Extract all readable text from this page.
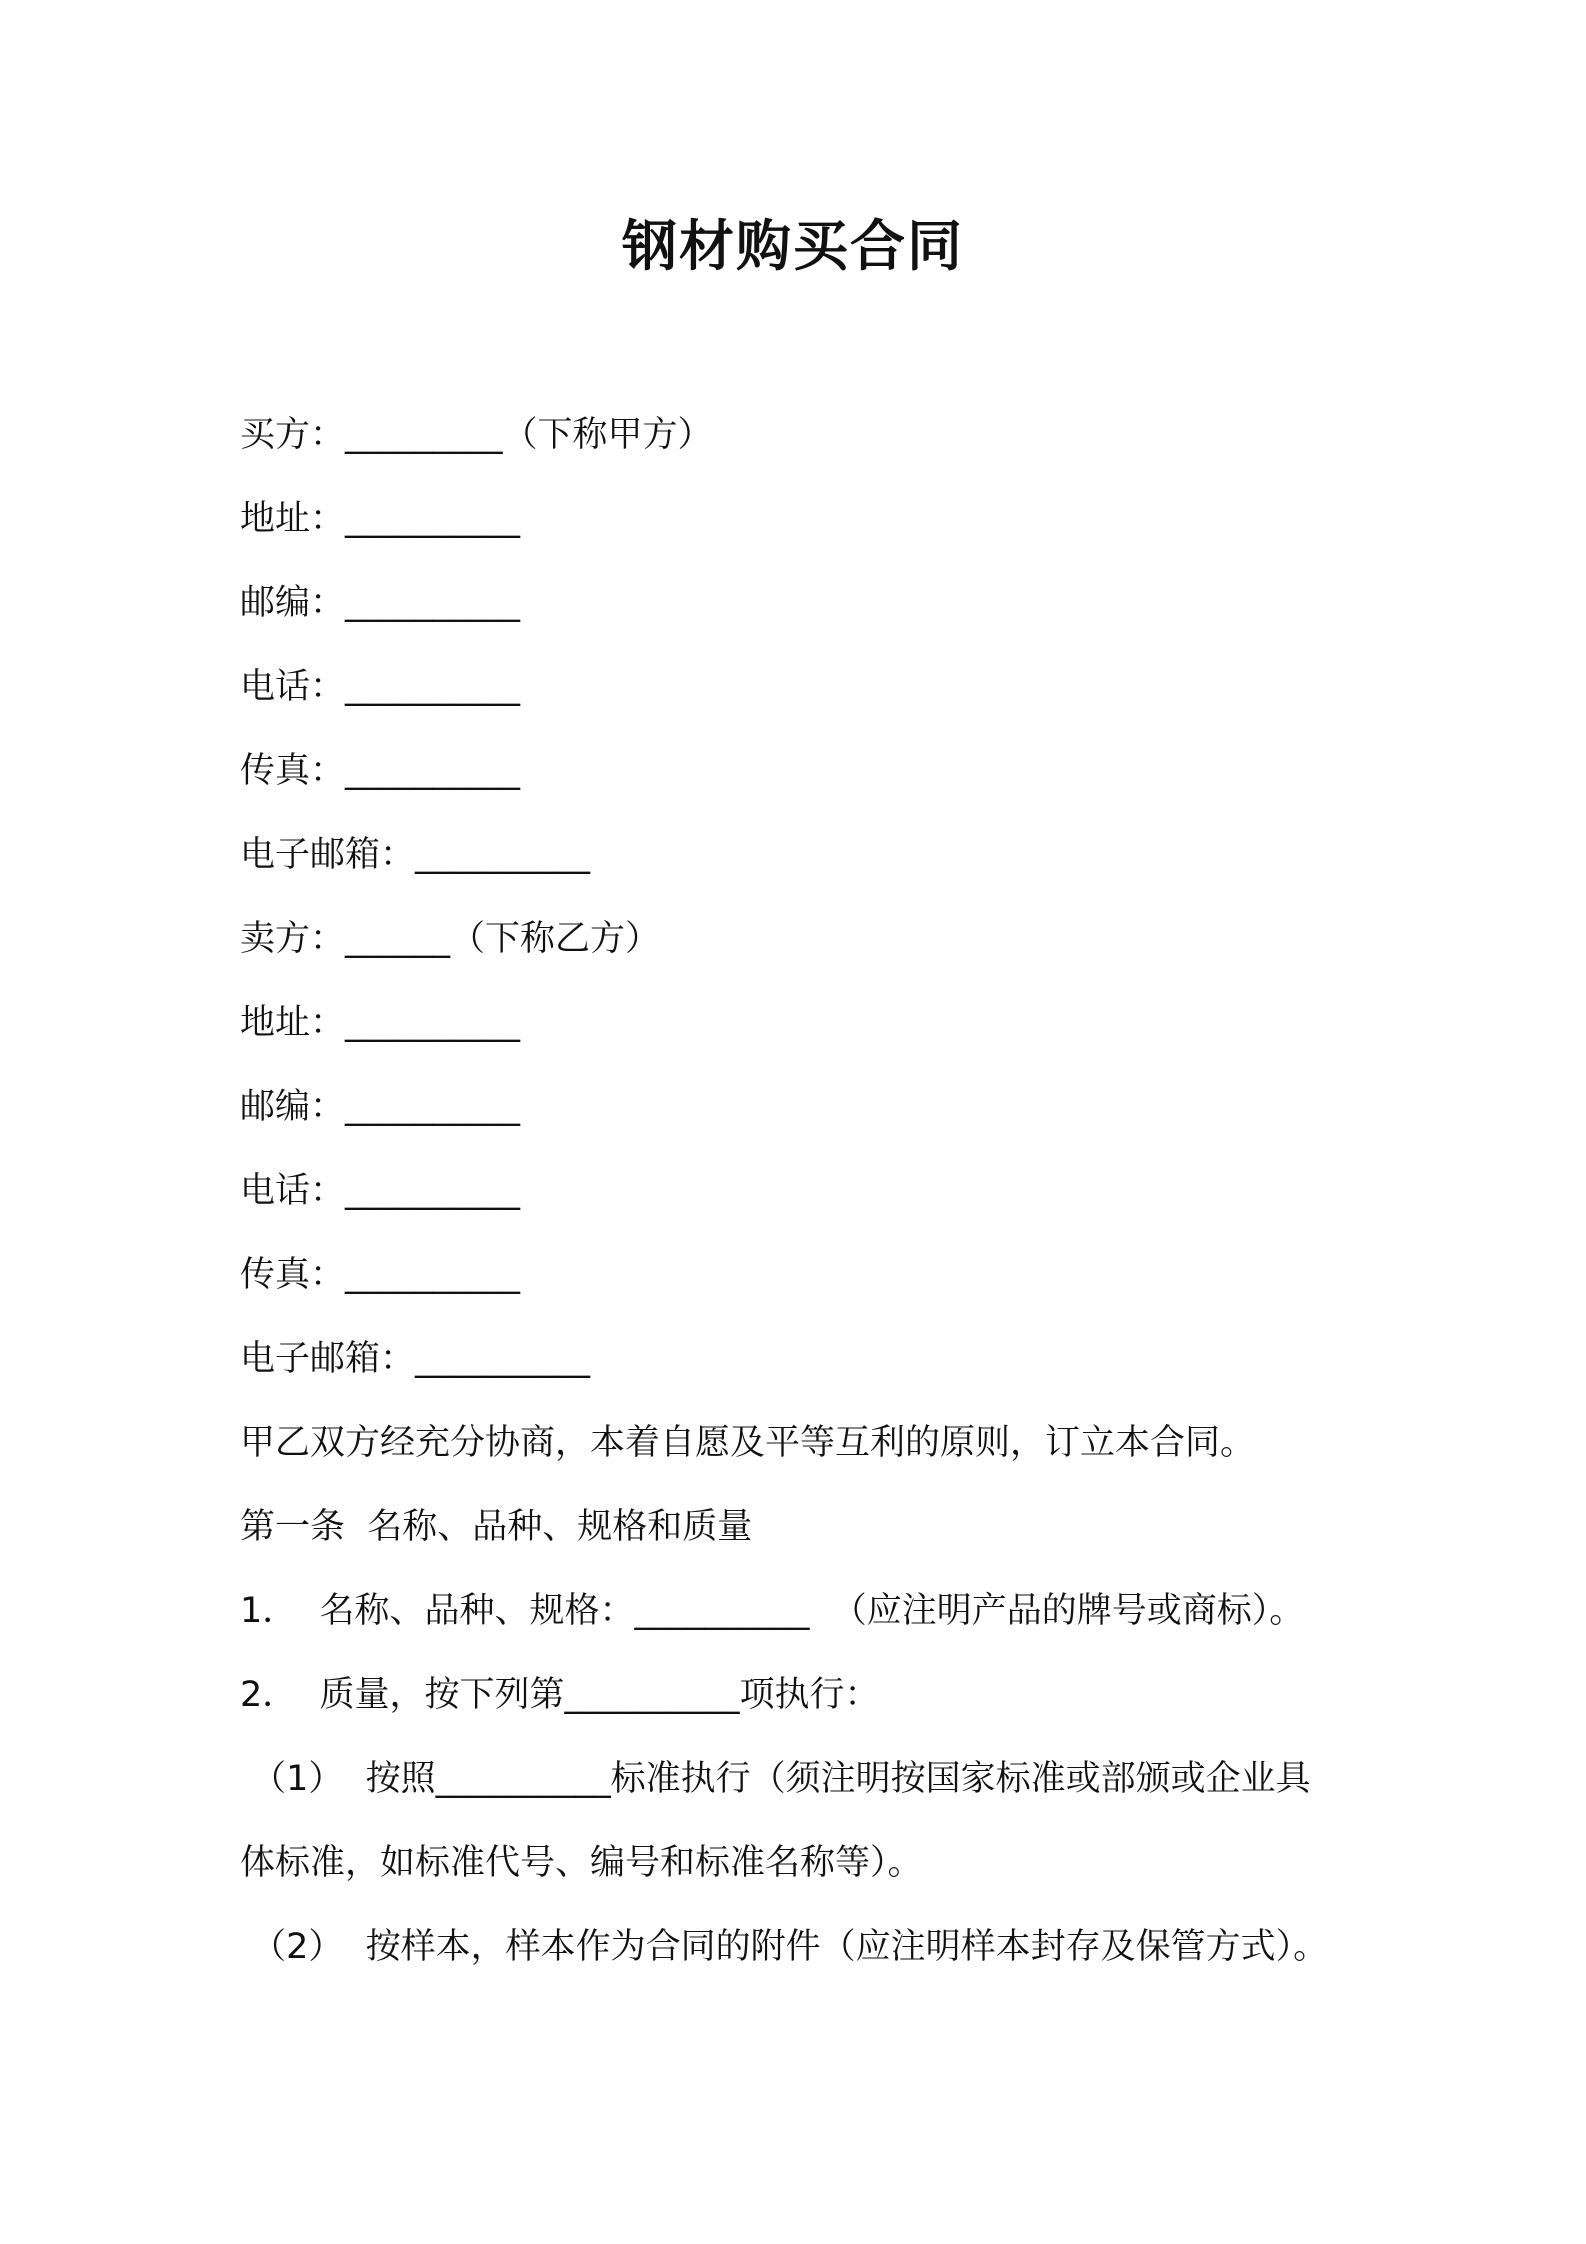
钢材购买合同
买方：_________（下称甲方）
地址：__________
邮编：__________
电话：__________
传真：__________
电子邮箱：__________
卖方：______（下称乙方）
地址：__________
邮编：__________
电话：__________
传真：__________
电子邮箱：__________
甲乙双方经充分协商，本着自愿及平等互利的原则，订立本合同。
第一条  名称、品种、规格和质量
1．  名称、品种、规格：__________  （应注明产品的牌号或商标）。
2．  质量，按下列第__________项执行：
（1）  按照__________标准执行（须注明按国家标准或部颁或企业具
体标准，如标准代号、编号和标准名称等）。
（2）  按样本，样本作为合同的附件（应注明样本封存及保管方式）。
